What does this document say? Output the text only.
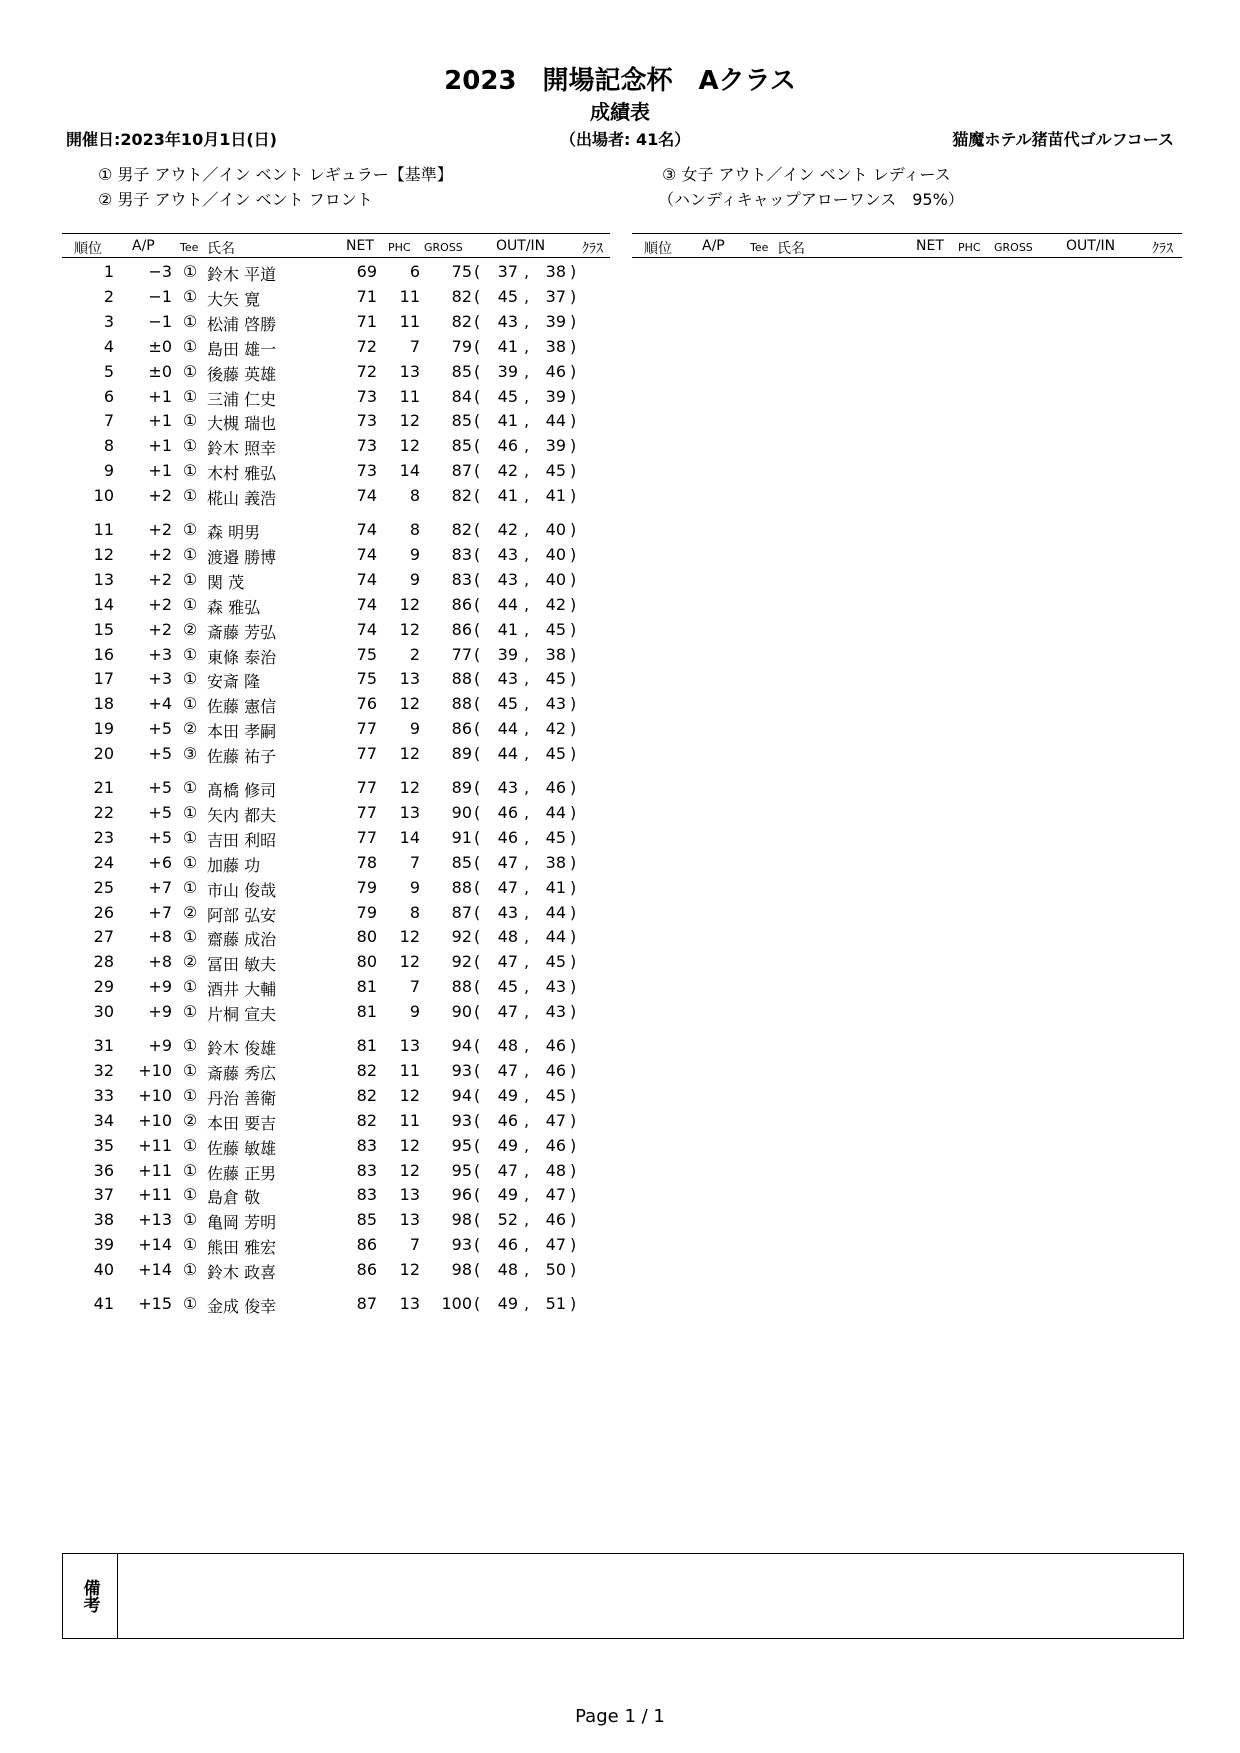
2023　開場記念杯　Aクラス
成績表
開催日:2023年10月1日(日)	（出場者: 41名）	猫魔ホテル猪苗代ゴルフコース
① 男子 アウト／イン ベント レギュラー【基準】
② 男子 アウト／イン ベント フロント
③ 女子 アウト／イン ベント レディース
（ハンディキャップアローワンス　95%）
順位 A/P Tee 氏名	NET PHC GROSS OUT/IN	ｸﾗｽ	順位 A/P Tee 氏名	NET PHC GROSS OUT/IN	ｸﾗｽ
1	−3 ① 鈴木 平道	69	6	75 (	37 ,	38 )
2	−1 ① 大矢 寛	71	11	82 (	45 ,	37 )
3	−1 ① 松浦 啓勝	71	11	82 (	43 ,	39 )
4	±0 ① 島田 雄一	72	7	79 (	41 ,	38 )
5	±0 ① 後藤 英雄	72	13	85 (	39 ,	46 )
6	+1 ① 三浦 仁史	73	11	84 (	45 ,	39 )
7	+1 ① 大槻 瑞也	73	12	85 (	41 ,	44 )
8	+1 ① 鈴木 照幸	73	12	85 (	46 ,	39 )
9	+1 ① 木村 雅弘	73	14	87 (	42 ,	45 )
10	+2 ① 椛山 義浩	74	8	82 (	41 ,	41 )
11	+2 ① 森 明男	74	8	82 (	42 ,	40 )
12	+2 ① 渡邉 勝博	74	9	83 (	43 ,	40 )
13	+2 ① 関 茂	74	9	83 (	43 ,	40 )
14	+2 ① 森 雅弘	74	12	86 (	44 ,	42 )
15	+2 ② 斎藤 芳弘	74	12	86 (	41 ,	45 )
16	+3 ① 東條 泰治	75	2	77 (	39 ,	38 )
17	+3 ① 安斎 隆	75	13	88 (	43 ,	45 )
18	+4 ① 佐藤 憲信	76	12	88 (	45 ,	43 )
19	+5 ② 本田 孝嗣	77	9	86 (	44 ,	42 )
20	+5 ③ 佐藤 祐子	77	12	89 (	44 ,	45 )
21	+5 ① 髙橋 修司	77	12	89 (	43 ,	46 )
22	+5 ① 矢内 都夫	77	13	90 (	46 ,	44 )
23	+5 ① 吉田 利昭	77	14	91 (	46 ,	45 )
24	+6 ① 加藤 功	78	7	85 (	47 ,	38 )
25	+7 ① 市山 俊哉	79	9	88 (	47 ,	41 )
26	+7 ② 阿部 弘安	79	8	87 (	43 ,	44 )
27	+8 ① 齋藤 成治	80	12	92 (	48 ,	44 )
28	+8 ② 冨田 敏夫	80	12	92 (	47 ,	45 )
29	+9 ① 酒井 大輔	81	7	88 (	45 ,	43 )
30	+9 ① 片桐 宣夫	81	9	90 (	47 ,	43 )
31	+9 ① 鈴木 俊雄	81	13	94 (	48 ,	46 )
32	+10 ① 斎藤 秀広	82	11	93 (	47 ,	46 )
33	+10 ① 丹治 善衛	82	12	94 (	49 ,	45 )
34	+10 ② 本田 要吉	82	11	93 (	46 ,	47 )
35	+11 ① 佐藤 敏雄	83	12	95 (	49 ,	46 )
36	+11 ① 佐藤 正男	83	12	95 (	47 ,	48 )
37	+11 ① 島倉 敬	83	13	96 (	49 ,	47 )
38	+13 ① 亀岡 芳明	85	13	98 (	52 ,	46 )
39	+14 ① 熊田 雅宏	86	7	93 (	46 ,	47 )
40	+14 ① 鈴木 政喜	86	12	98 (	48 ,	50 )
41	+15 ① 金成 俊幸	87	13	100 (	49 ,	51 )
備考
Page 1 / 1
